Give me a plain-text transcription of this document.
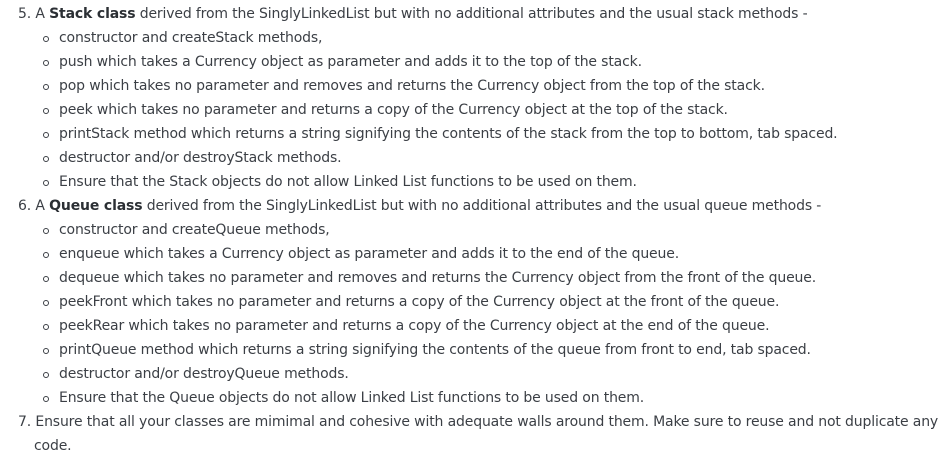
5. A Stack class derived from the SinglyLinkedList but with no additional attributes and the usual stack methods -
constructor and createStack methods,
push which takes a Currency object as parameter and adds it to the top of the stack.
pop which takes no parameter and removes and returns the Currency object from the top of the stack.
peek which takes no parameter and returns a copy of the Currency object at the top of the stack.
printStack method which returns a string signifying the contents of the stack from the top to bottom, tab spaced.
destructor and/or destroyStack methods.
Ensure that the Stack objects do not allow Linked List functions to be used on them.
6. A Queue class derived from the SinglyLinkedList but with no additional attributes and the usual queue methods -
constructor and createQueue methods,
enqueue which takes a Currency object as parameter and adds it to the end of the queue.
dequeue which takes no parameter and removes and returns the Currency object from the front of the queue.
peekFront which takes no parameter and returns a copy of the Currency object at the front of the queue.
peekRear which takes no parameter and returns a copy of the Currency object at the end of the queue.
printQueue method which returns a string signifying the contents of the queue from front to end, tab spaced.
destructor and/or destroyQueue methods.
Ensure that the Queue objects do not allow Linked List functions to be used on them.
7. Ensure that all your classes are mimimal and cohesive with adequate walls around them. Make sure to reuse and not duplicate any
code.
